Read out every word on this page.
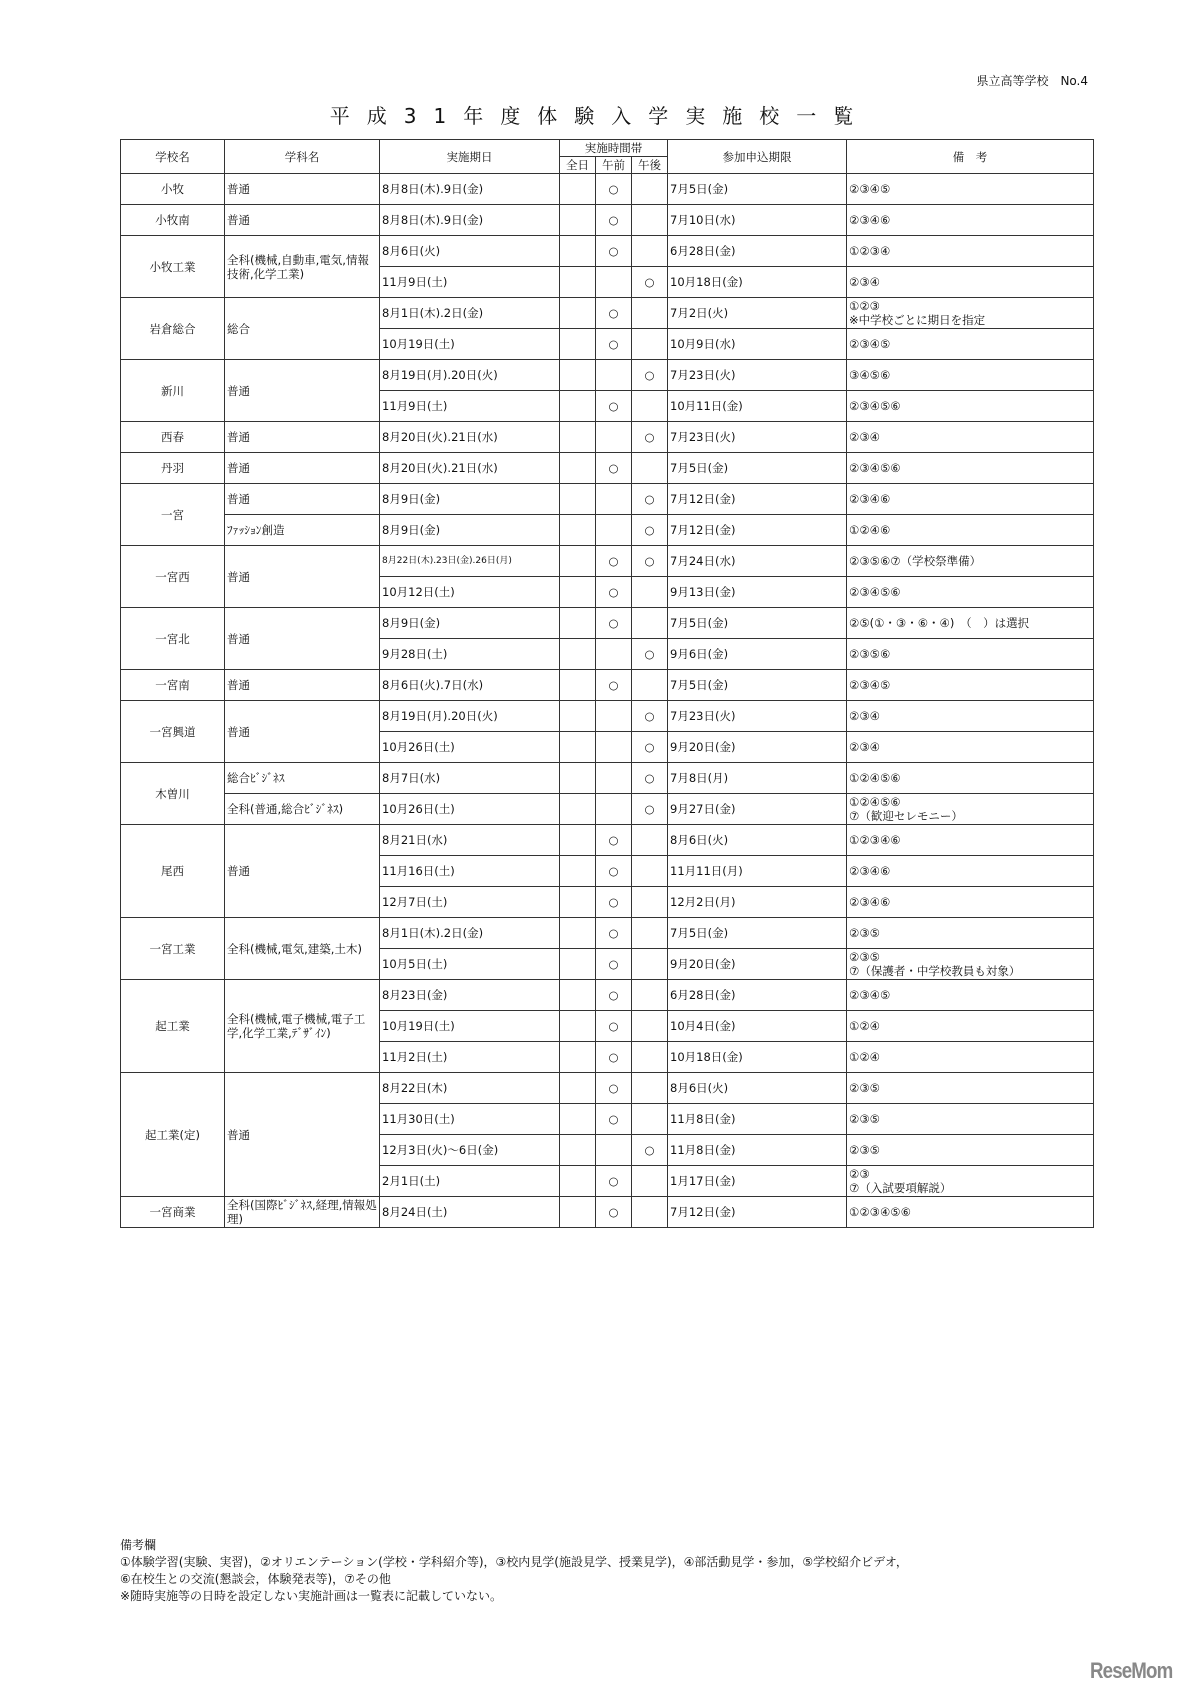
県立高等学校　No.4
平成31年度体験入学実施校一覧
学校名	学科名	実施期日	実施時間帯			参加申込期限	備　考
			全日	午前	午後		
小牧	普通	8月8日(木).9日(金)		○		7月5日(金)	②③④⑤
小牧南	普通	8月8日(木).9日(金)		○		7月10日(水)	②③④⑥
小牧工業	全科(機械,自動車,電気,情報技術,化学工業)	8月6日(火)		○		6月28日(金)	①②③④
		11月9日(土)			○	10月18日(金)	②③④
岩倉総合	総合	8月1日(木).2日(金)		○		7月2日(火)	①②③
※中学校ごとに期日を指定
		10月19日(土)		○		10月9日(水)	②③④⑤
新川	普通	8月19日(月).20日(火)			○	7月23日(火)	③④⑤⑥
		11月9日(土)		○		10月11日(金)	②③④⑤⑥
西春	普通	8月20日(火).21日(水)			○	7月23日(火)	②③④
丹羽	普通	8月20日(火).21日(水)		○		7月5日(金)	②③④⑤⑥
一宮	普通	8月9日(金)			○	7月12日(金)	②③④⑥
	ﾌｧｯｼｮﾝ創造	8月9日(金)			○	7月12日(金)	①②④⑥
一宮西	普通	8月22日(木).23日(金).26日(月)		○	○	7月24日(水)	②③⑤⑥⑦（学校祭準備）
		10月12日(土)		○		9月13日(金)	②③④⑤⑥
一宮北	普通	8月9日(金)		○		7月5日(金)	②⑤(①・③・⑥・④)　（　）は選択
		9月28日(土)			○	9月6日(金)	②③⑤⑥
一宮南	普通	8月6日(火).7日(水)		○		7月5日(金)	②③④⑤
一宮興道	普通	8月19日(月).20日(火)			○	7月23日(火)	②③④
		10月26日(土)			○	9月20日(金)	②③④
木曽川	総合ﾋﾞｼﾞﾈｽ	8月7日(水)			○	7月8日(月)	①②④⑤⑥
	全科(普通,総合ﾋﾞｼﾞﾈｽ)	10月26日(土)			○	9月27日(金)	①②④⑤⑥
⑦（歓迎セレモニー）
尾西	普通	8月21日(水)		○		8月6日(火)	①②③④⑥
		11月16日(土)		○		11月11日(月)	②③④⑥
		12月7日(土)		○		12月2日(月)	②③④⑥
一宮工業	全科(機械,電気,建築,土木)	8月1日(木).2日(金)		○		7月5日(金)	②③⑤
		10月5日(土)		○		9月20日(金)	②③⑤
⑦（保護者・中学校教員も対象）
起工業	全科(機械,電子機械,電子工学,化学工業,ﾃﾞｻﾞｲﾝ)	8月23日(金)		○		6月28日(金)	②③④⑤
		10月19日(土)		○		10月4日(金)	①②④
		11月2日(土)		○		10月18日(金)	①②④
起工業(定)	普通	8月22日(木)		○		8月6日(火)	②③⑤
		11月30日(土)		○		11月8日(金)	②③⑤
		12月3日(火)～6日(金)			○	11月8日(金)	②③⑤
		2月1日(土)		○		1月17日(金)	②③
⑦（入試要項解説）
一宮商業	全科(国際ﾋﾞｼﾞﾈｽ,経理,情報処理)	8月24日(土)		○		7月12日(金)	①②③④⑤⑥
備考欄
①体験学習(実験、実習)，②オリエンテーション(学校・学科紹介等)，③校内見学(施設見学、授業見学)，④部活動見学・参加，⑤学校紹介ビデオ，
⑥在校生との交流(懇談会，体験発表等)，⑦その他
※随時実施等の日時を設定しない実施計画は一覧表に記載していない。
ReseMom
